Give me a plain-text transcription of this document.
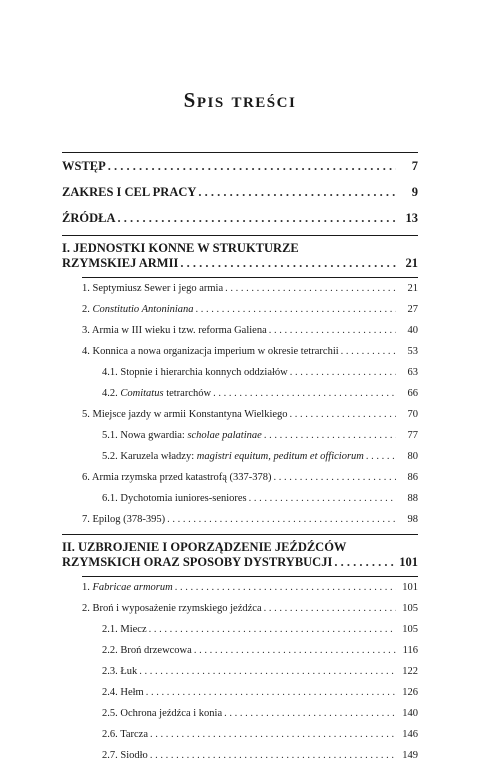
Spis treści
WSTĘP . . .	7
ZAKRES I CEL PRACY . . .	9
ŹRÓDŁA . . .	13
I. JEDNOSTKI KONNE W STRUKTURZE
RZYMSKIEJ ARMII . . .	21
1. Septymiusz Sewer i jego armia . . .	21
2. Constitutio Antoniniana . . .	27
3. Armia w III wieku i tzw. reforma Galiena . . .	40
4. Konnica a nowa organizacja imperium w okresie tetrarchii . . .	53
4.1. Stopnie i hierarchia konnych oddziałów . . .	63
4.2. Comitatus tetrarchów . . .	66
5. Miejsce jazdy w armii Konstantyna Wielkiego . . .	70
5.1. Nowa gwardia: scholae palatinae . . .	77
5.2. Karuzela władzy: magistri equitum, peditum et officiorum . . .	80
6. Armia rzymska przed katastrofą (337-378) . . .	86
6.1. Dychotomia iuniores-seniores . . .	88
7. Epilog (378-395) . . .	98
II. UZBROJENIE I OPORZĄDZENIE JEŹDŹCÓW
RZYMSKICH ORAZ SPOSOBY DYSTRYBUCJI . . .	101
1. Fabricae armorum . . .	101
2. Broń i wyposażenie rzymskiego jeźdźca . . .	105
2.1. Miecz . . .	105
2.2. Broń drzewcowa . . .	116
2.3. Łuk . . .	122
2.4. Hełm . . .	126
2.5. Ochrona jeźdźca i konia . . .	140
2.6. Tarcza . . .	146
2.7. Siodło . . .	149
